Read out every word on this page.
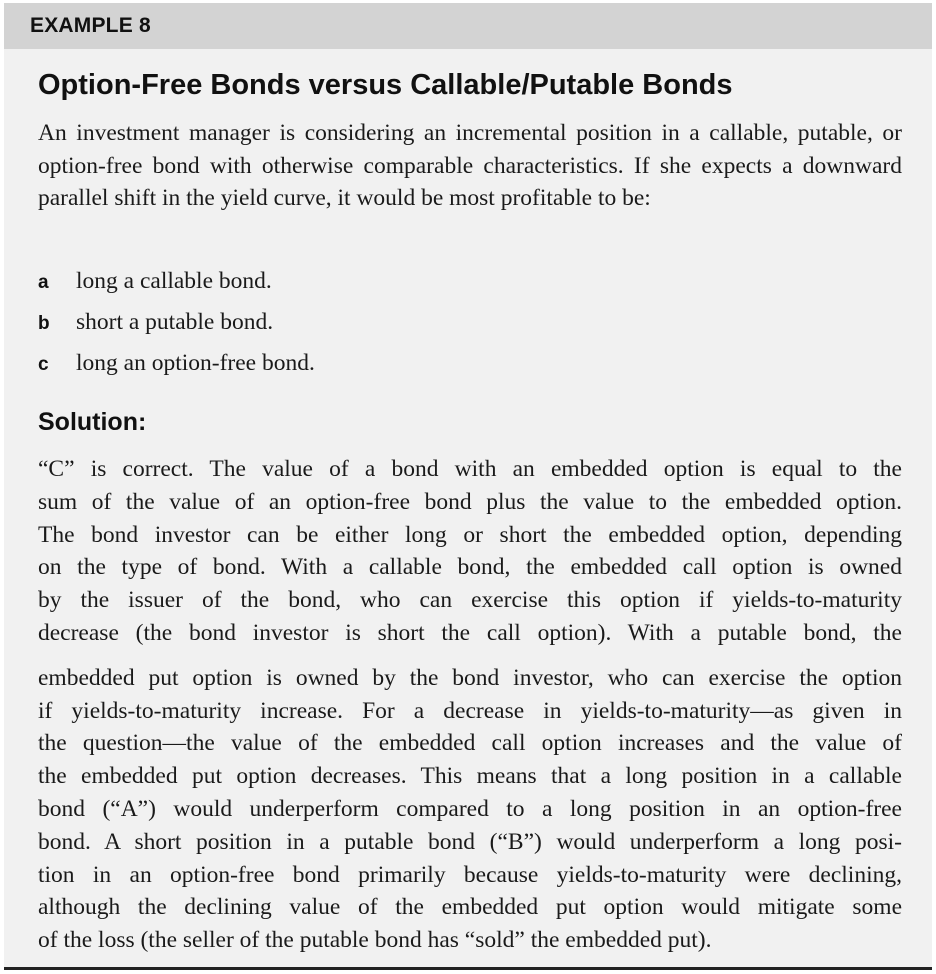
EXAMPLE 8
Option-Free Bonds versus Callable/Putable Bonds
An investment manager is considering an incremental position in a callable, putable, or option-free bond with otherwise comparable characteristics. If she expects a downward parallel shift in the yield curve, it would be most profitable to be:
a long a callable bond.
b short a putable bond.
c long an option-free bond.
Solution:
“C” is correct. The value of a bond with an embedded option is equal to the
sum of the value of an option-free bond plus the value to the embedded option.
The bond investor can be either long or short the embedded option, depending
on the type of bond. With a callable bond, the embedded call option is owned
by the issuer of the bond, who can exercise this option if yields-to-maturity
decrease (the bond investor is short the call option). With a putable bond, the
embedded put option is owned by the bond investor, who can exercise the option
if yields-to-maturity increase. For a decrease in yields-to-maturity—as given in
the question—the value of the embedded call option increases and the value of
the embedded put option decreases. This means that a long position in a callable
bond (“A”) would underperform compared to a long position in an option-free
bond. A short position in a putable bond (“B”) would underperform a long posi-
tion in an option-free bond primarily because yields-to-maturity were declining,
although the declining value of the embedded put option would mitigate some
of the loss (the seller of the putable bond has “sold” the embedded put).
